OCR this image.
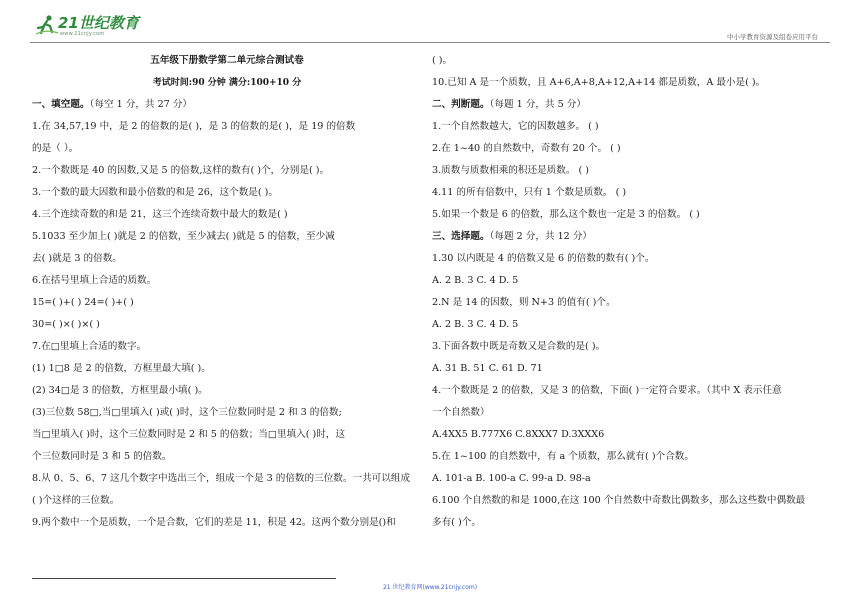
21世纪教育
www.21cnjy.com	中小学教育资源及组卷应用平台
五年级下册数学第二单元综合测试卷
考试时间:90 分钟 满分:100+10 分
一、填空题。（每空 1 分，共 27 分）
1.在 34,57,19 中，是 2 的倍数的是( )，是 3 的倍数的是( )，是 19 的倍数
的是（ ）。
2.一个数既是 40 的因数,又是 5 的倍数,这样的数有( )个，分别是( )。
3.一个数的最大因数和最小倍数的和是 26，这个数是( )。
4.三个连续奇数的和是 21，这三个连续奇数中最大的数是( )
5.1033 至少加上( )就是 2 的倍数，至少减去( )就是 5 的倍数，至少减
去( )就是 3 的倍数。
6.在括号里填上合适的质数。
15=( )+( ) 24=( )+( )
30=( )×( )×( )
7.在□里填上合适的数字。
(1) 1□8 是 2 的倍数，方框里最大填( )。
(2) 34□是 3 的倍数，方框里最小填( )。
(3)三位数 58□,当□里填入( )或( )时，这个三位数同时是 2 和 3 的倍数;
当□里填入( )时，这个三位数同时是 2 和 5 的倍数；当□里填入( )时，这
个三位数同时是 3 和 5 的倍数。
8.从 0、5、6、7 这几个数字中选出三个，组成一个是 3 的倍数的三位数。一共可以组成
( )个这样的三位数。
9.两个数中一个是质数，一个是合数，它们的差是 11，积是 42。这两个数分别是()和
( )。
10.已知 A 是一个质数，且 A+6,A+8,A+12,A+14 都是质数，A 最小是( )。
二、判断题。（每题 1 分，共 5 分）
1.一个自然数越大，它的因数越多。 ( )
2.在 1~40 的自然数中，奇数有 20 个。 ( )
3.质数与质数相乘的积还是质数。 ( )
4.11 的所有倍数中，只有 1 个数是质数。 ( )
5.如果一个数是 6 的倍数，那么这个数也一定是 3 的倍数。 ( )
三、选择题。（每题 2 分，共 12 分）
1.30 以内既是 4 的倍数又是 6 的倍数的数有( )个。
A. 2 B. 3 C. 4 D. 5
2.N 是 14 的因数，则 N+3 的值有( )个。
A. 2 B. 3 C. 4 D. 5
3.下面各数中既是奇数又是合数的是( )。
A. 31 B. 51 C. 61 D. 71
4.一个数既是 2 的倍数，又是 3 的倍数，下面( )一定符合要求。（其中 X 表示任意
一个自然数）
A.4XX5 B.777X6 C.8XXX7 D.3XXX6
5.在 1~100 的自然数中，有 a 个质数，那么就有( )个合数。
A. 101-a B. 100-a C. 99-a D. 98-a
6.100 个自然数的和是 1000,在这 100 个自然数中奇数比偶数多，那么这些数中偶数最
多有( )个。
21 世纪教育网(www.21cnjy.com)
